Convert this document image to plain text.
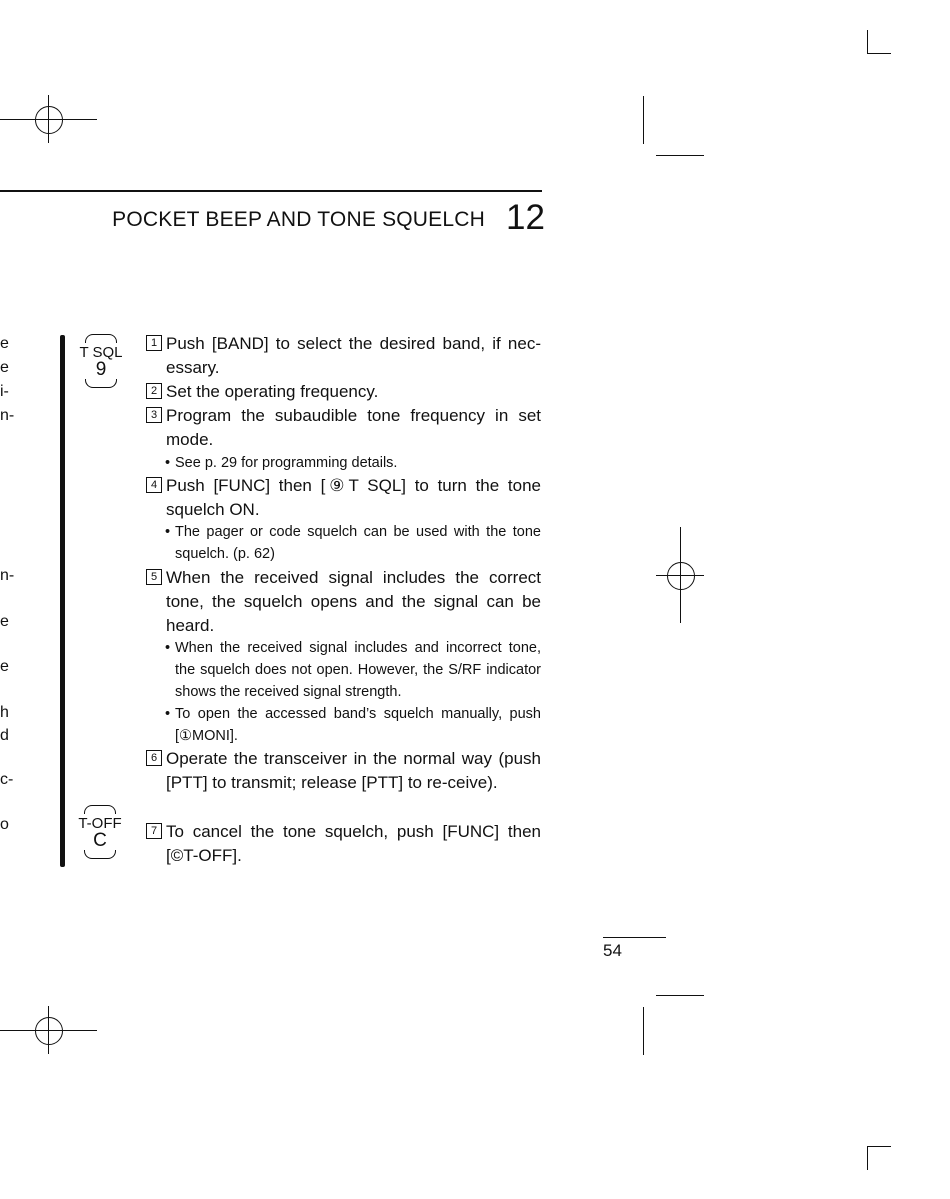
POCKET BEEP AND TONE SQUELCH 12
e
e
i-
n-
n-
e
e
h
d
c-
o
T SQL
9
T-OFF
C
1 Push [BAND] to select the desired band, if nec-essary.
2 Set the operating frequency.
3 Program the subaudible tone frequency in set mode.
• See p. 29 for programming details.
4 Push [FUNC] then [⑨T SQL] to turn the tone squelch ON.
• The pager or code squelch can be used with the tone squelch. (p. 62)
5 When the received signal includes the correct tone, the squelch opens and the signal can be heard.
• When the received signal includes and incorrect tone, the squelch does not open. However, the S/RF indicator shows the received signal strength.
• To open the accessed band’s squelch manually, push [①MONI].
6 Operate the transceiver in the normal way (push [PTT] to transmit; release [PTT] to re-ceive).
7 To cancel the tone squelch, push [FUNC] then [©T-OFF].
54
